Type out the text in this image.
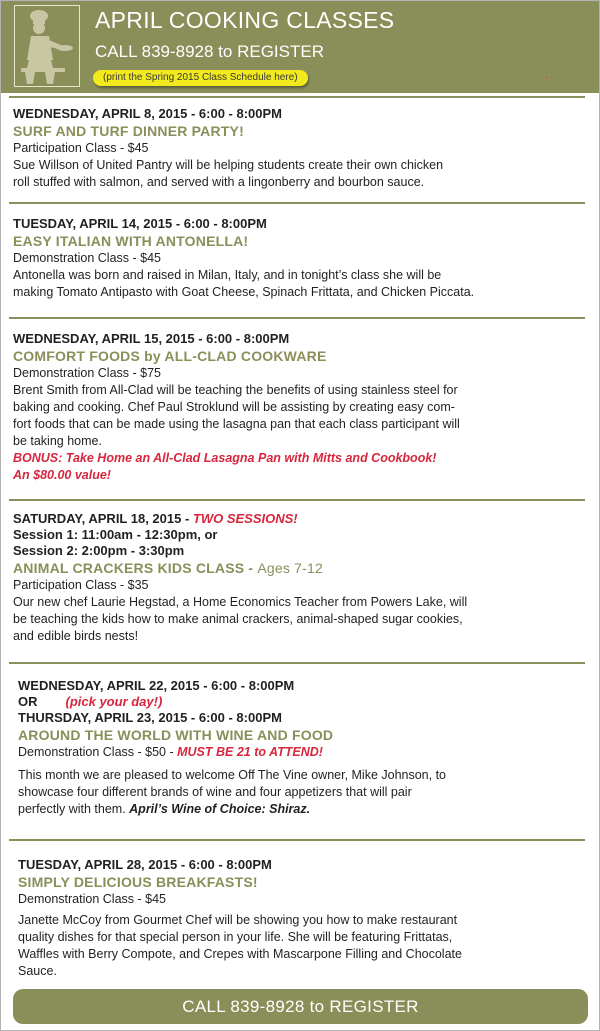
APRIL COOKING CLASSES
CALL 839-8928 to REGISTER
(print the Spring 2015 Class Schedule here)	.
WEDNESDAY, APRIL 8, 2015 - 6:00 - 8:00PM
SURF AND TURF DINNER PARTY!
Participation Class - $45

Sue Willson of United Pantry will be helping students create their own chicken

roll stuffed with salmon, and served with a lingonberry and bourbon sauce.

TUESDAY, APRIL 14, 2015 - 6:00 - 8:00PM
EASY ITALIAN WITH ANTONELLA!
Demonstration Class - $45

Antonella was born and raised in Milan, Italy, and in tonight’s class she will be

making Tomato Antipasto with Goat Cheese, Spinach Frittata, and Chicken Piccata.

WEDNESDAY, APRIL 15, 2015 - 6:00 - 8:00PM
COMFORT FOODS by ALL-CLAD COOKWARE
Demonstration Class - $75

Brent Smith from All-Clad will be teaching the benefits of using stainless steel for

baking and cooking. Chef Paul Stroklund will be assisting by creating easy com-

fort foods that can be made using the lasagna pan that each class participant will

be taking home.

BONUS: Take Home an All-Clad Lasagna Pan with Mitts and Cookbook!

An $80.00 value!

SATURDAY, APRIL 18, 2015 - TWO SESSIONS!
Session 1: 11:00am - 12:30pm, or
Session 2: 2:00pm - 3:30pm
ANIMAL CRACKERS KIDS CLASS - Ages 7-12
Participation Class - $35

Our new chef Laurie Hegstad, a Home Economics Teacher from Powers Lake, will

be teaching the kids how to make animal crackers, animal-shaped sugar cookies,

and edible birds nests!

WEDNESDAY, APRIL 22, 2015 - 6:00 - 8:00PM
OR (pick your day!)
THURSDAY, APRIL 23, 2015 - 6:00 - 8:00PM
AROUND THE WORLD WITH WINE AND FOOD
Demonstration Class - $50 - MUST BE 21 to ATTEND!

This month we are pleased to welcome Off The Vine owner, Mike Johnson, to

showcase four different brands of wine and four appetizers that will pair

perfectly with them. April’s Wine of Choice: Shiraz.

TUESDAY, APRIL 28, 2015 - 6:00 - 8:00PM
SIMPLY DELICIOUS BREAKFASTS!
Demonstration Class - $45

Janette McCoy from Gourmet Chef will be showing you how to make restaurant

quality dishes for that special person in your life. She will be featuring Frittatas,

Waffles with Berry Compote, and Crepes with Mascarpone Filling and Chocolate

Sauce.

CALL 839-8928 to REGISTER
